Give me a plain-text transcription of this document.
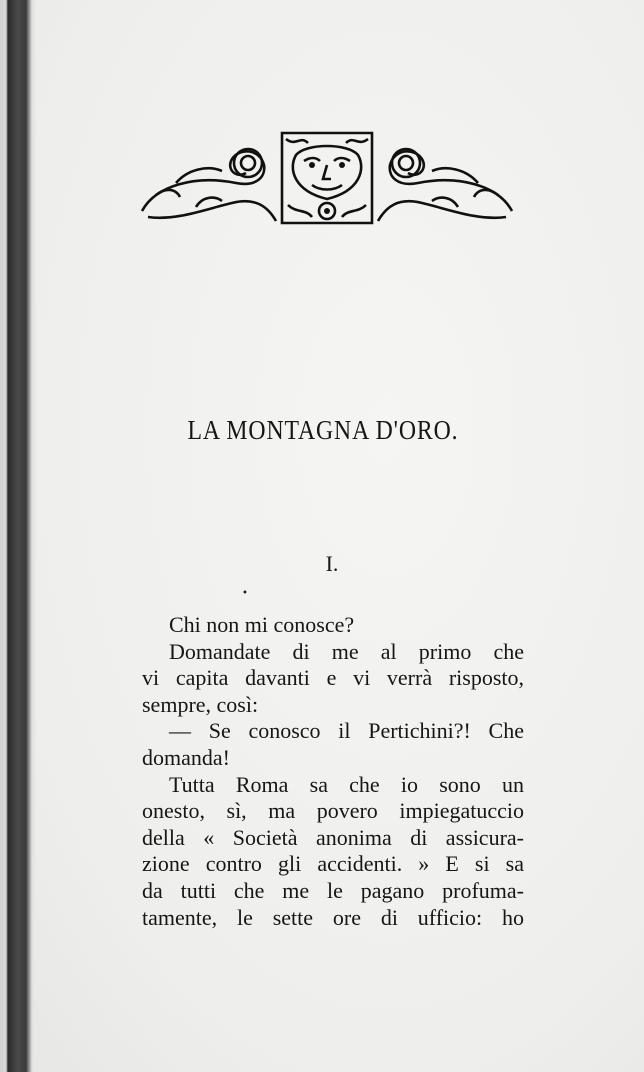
LA MONTAGNA D'ORO.
I.
•
Chi non mi conosce?
Domandate di me al primo che
vi capita davanti e vi verrà risposto,
sempre, così:
— Se conosco il Pertichini?! Che
domanda!
Tutta Roma sa che io sono un
onesto, sì, ma povero impiegatuccio
della « Società anonima di assicura-
zione contro gli accidenti. » E si sa
da tutti che me le pagano profuma-
tamente, le sette ore di ufficio: ho
